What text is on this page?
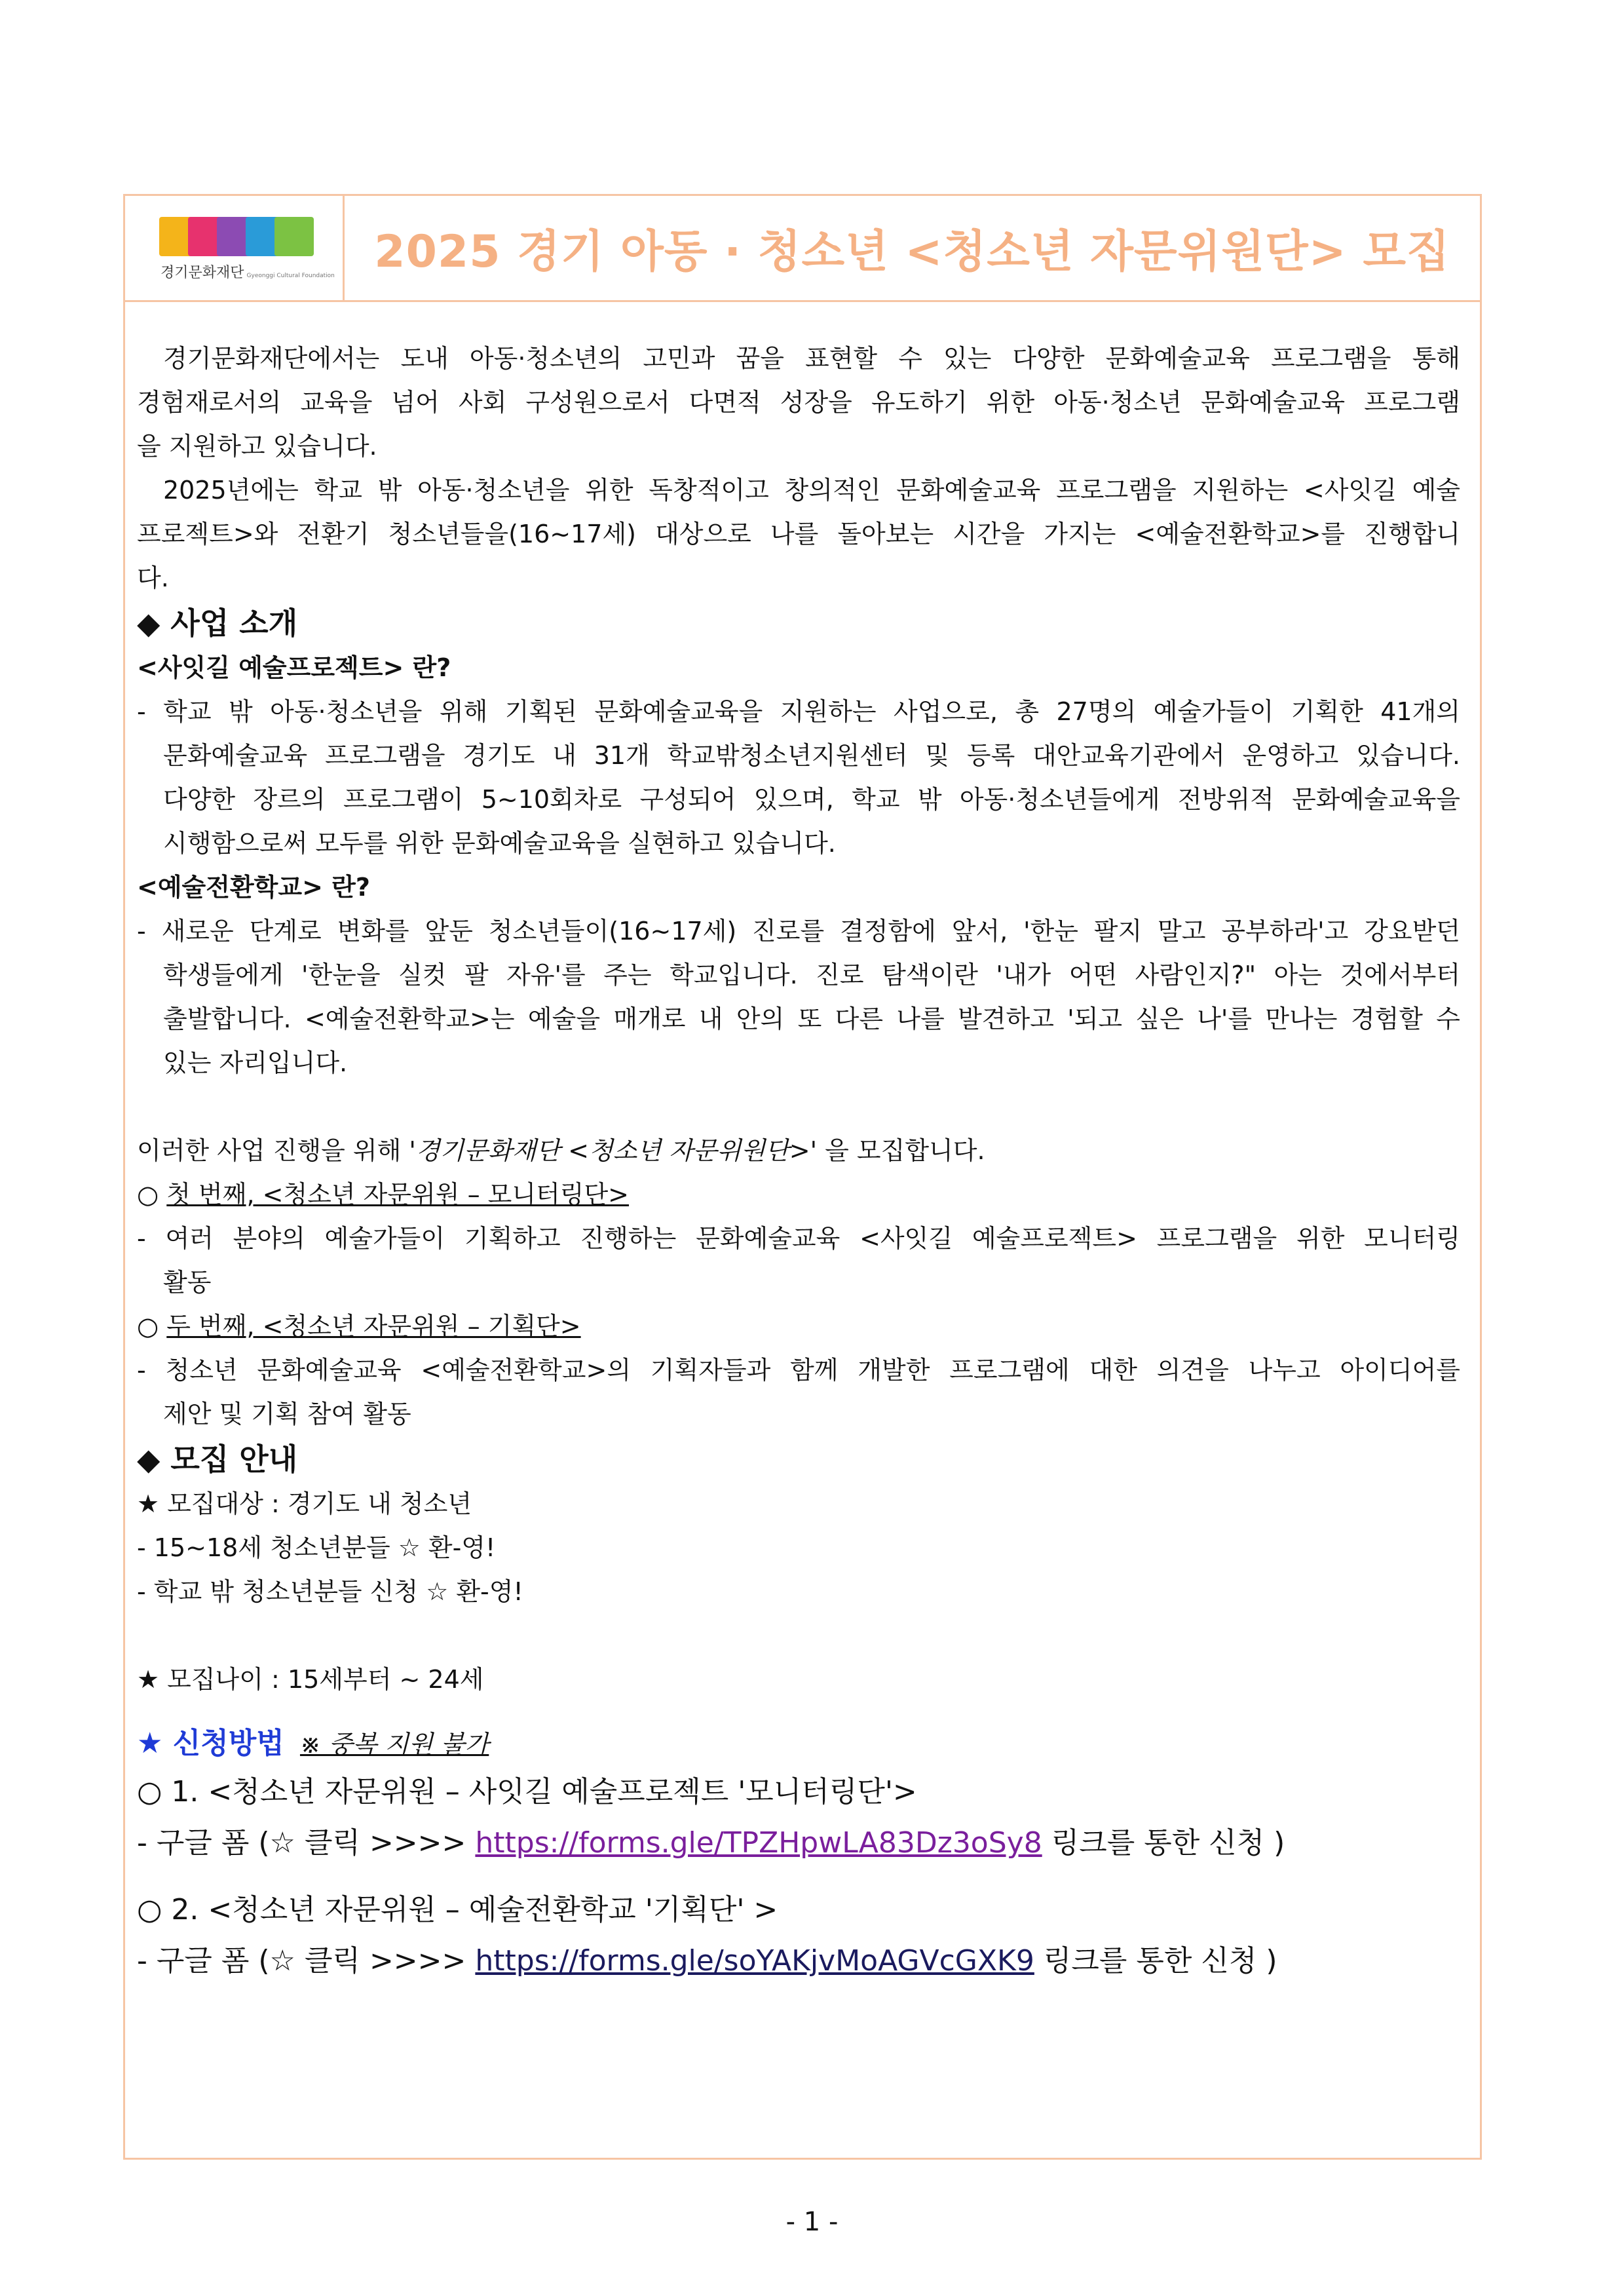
경기문화재단 Gyeonggi Cultural Foundation 2025 경기 아동 · 청소년 <청소년 자문위원단> 모집

경기문화재단에서는 도내 아동·청소년의 고민과 꿈을 표현할 수 있는 다양한 문화예술교육 프로그램을 통해

경험재로서의 교육을 넘어 사회 구성원으로서 다면적 성장을 유도하기 위한 아동·청소년 문화예술교육 프로그램

을 지원하고 있습니다.

2025년에는 학교 밖 아동·청소년을 위한 독창적이고 창의적인 문화예술교육 프로그램을 지원하는 <사잇길 예술

프로젝트>와 전환기 청소년들을(16~17세) 대상으로 나를 돌아보는 시간을 가지는 <예술전환학교>를 진행합니

다.

◆ 사업 소개

<사잇길 예술프로젝트> 란?

- 학교 밖 아동·청소년을 위해 기획된 문화예술교육을 지원하는 사업으로, 총 27명의 예술가들이 기획한 41개의

문화예술교육 프로그램을 경기도 내 31개 학교밖청소년지원센터 및 등록 대안교육기관에서 운영하고 있습니다.

다양한 장르의 프로그램이 5~10회차로 구성되어 있으며, 학교 밖 아동·청소년들에게 전방위적 문화예술교육을

시행함으로써 모두를 위한 문화예술교육을 실현하고 있습니다.

<예술전환학교> 란?

- 새로운 단계로 변화를 앞둔 청소년들이(16~17세) 진로를 결정함에 앞서, '한눈 팔지 말고 공부하라'고 강요받던

학생들에게 '한눈을 실컷 팔 자유'를 주는 학교입니다. 진로 탐색이란 '내가 어떤 사람인지?" 아는 것에서부터

출발합니다. <예술전환학교>는 예술을 매개로 내 안의 또 다른 나를 발견하고 '되고 싶은 나'를 만나는 경험할 수

있는 자리입니다.

이러한 사업 진행을 위해 '경기문화재단 <청소년 자문위원단>' 을 모집합니다.

○ 첫 번째, <청소년 자문위원 – 모니터링단>

- 여러 분야의 예술가들이 기획하고 진행하는 문화예술교육 <사잇길 예술프로젝트> 프로그램을 위한 모니터링

활동

○ 두 번째, <청소년 자문위원 – 기획단>

- 청소년 문화예술교육 <예술전환학교>의 기획자들과 함께 개발한 프로그램에 대한 의견을 나누고 아이디어를

제안 및 기획 참여 활동

◆ 모집 안내

★ 모집대상 : 경기도 내 청소년

- 15~18세 청소년분들 ☆ 환-영!

- 학교 밖 청소년분들 신청 ☆ 환-영!

★ 모집나이 : 15세부터 ~ 24세

★ 신청방법 ※ 중복 지원 불가

○ 1. <청소년 자문위원 – 사잇길 예술프로젝트 '모니터링단'>

- 구글 폼 (☆ 클릭 >>>> https://forms.gle/TPZHpwLA83Dz3oSy8 링크를 통한 신청 )

○ 2. <청소년 자문위원 – 예술전환학교 '기획단' >

- 구글 폼 (☆ 클릭 >>>> https://forms.gle/soYAKjvMoAGVcGXK9 링크를 통한 신청 )

- 1 -
